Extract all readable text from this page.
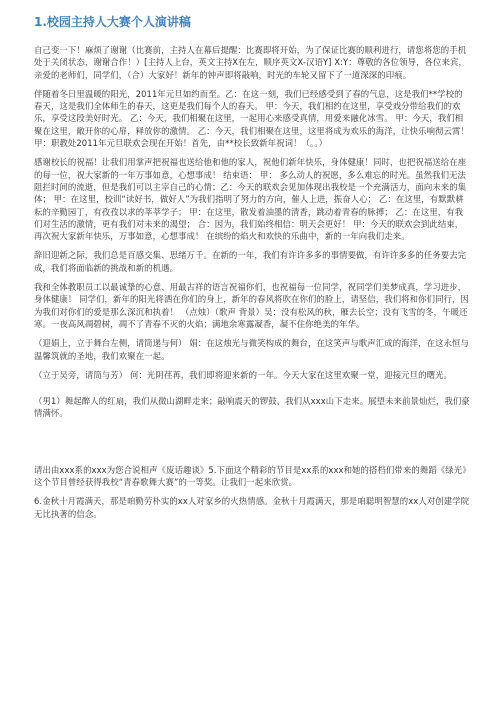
1.校园主持人大赛个人演讲稿

自己变一下！麻烦了谢谢（比赛前，主持人在幕后提醒：比赛即将开始，为了保证比赛的顺利进行，请您将您的手机处于关闭状态，谢谢合作！）[主持人上台，英文主持X在左，顺序英文X-汉语Y] X:Y：尊敬的各位领导，各位来宾，亲爱的老师们，同学们，（合）大家好！新年的钟声即将敲响，时光的车轮又留下了一道深深的印痕。

伴随着冬日里温暖的阳光，2011年元旦如约而至。乙：在这一刻，我们已经感受到了春的气息，这是我们**学校的春天，这是我们全体师生的春天，这更是我们每个人的春天。 甲：今天，我们相约在这里，享受戏分带给我们的欢乐，享受这段美好时光。 乙：今天，我们相聚在这里，一起用心来感受真情，用爱来融化冰雪。 甲：今天，我们相聚在这里，敞开你的心扉，释放你的激情。 乙：今天，我们相聚在这里，这里将成为欢乐的海洋，让快乐响彻云霄！ 甲：职教处2011年元旦联欢会现在开始！首先，由**校长致新年祝词！（。。）

感谢校长的祝福！让我们用掌声把祝福也送给他和他的家人，祝他们新年快乐，身体健康！同时，也把祝福送给在座的每一位，祝大家新的一年万事如意，心想事成！ 结束语： 甲： 多么动人的祝愿，多么难忘的时光。虽然我们无法阻拦时间的流逝，但是我们可以主宰自己的心情；乙：今天的联欢会见加体现出我校是一个充满活力，面向未来的集体； 甲：在这里，校训“读好书，做好人”为我们指明了努力的方向，催人上进，振奋人心； 乙：在这里，有默默耕耘的辛勤园丁，有孜孜以求的莘莘学子； 甲：在这里，散发着油墨的清香，跳动着青春的脉搏； 乙：在这里，有我们对生活的激情，更有我们对未来的渴望； 合：因为，我们始终相信：明天会更好！ 甲：今天的联欢会到此结束，再次祝大家新年快乐，万事如意，心想事成！ 在缤纷的焰火和欢快的乐曲中，新的一年向我们走来。

辞旧迎新之际，我们总是百感交集、思绪万千。在新的一年，我们有许许多多的事情要做，有许许多多的任务要去完成，我们将面临新的挑战和新的机遇。

我和全体教职员工以最诚挚的心意、用最古祥的语言祝福你们，也祝福每一位同学，祝同学们美梦成真，学习进步，身体健康！ 同学们，新年的阳光将洒在你们的身上，新年的春风将吹在你们的脸上，请坚信，我们将和你们同行，因为我们对你们的爱是那么深沉和执着！ （点烛）（歌声 背景）吴：没有松风的秋，雁去长空；没有飞雪的冬，午暖还寒。一夜高风凋碧树，凋不了青春不灭的火焰；满地余寒露凝香，凝不住你绝美的年华。

（迎娟上，立于舞台左侧，请筒递与何） 娟：在这烛光与微笑构成的舞台，在这笑声与歌声汇成的海洋，在这永恒与温馨筑就的圣地，我们欢聚在一起。

（立于吴旁，请筒与芳） 何：光阴荏苒，我们即将迎来新的一年。今天大家在这里欢聚一堂，迎接元旦的曙光。

（男1）舞起醉人的红扇，我们从微山湖畔走来；敲响震天的锣鼓，我们从xxx山下走来。展望未来前景灿烂，我们豪情满怀。

请出由xxx系的xxx为您合说相声《废话趣谈》5.下面这个精彩的节目是xx系的xxx和她的搭档们带来的舞蹈《绿光》这个节目曾经获得我校“青春歌舞大赛”的一等奖。让我们一起来欣赏。

6.金秋十月霞满天，那是咱勤劳朴实的xx人对家乡的火热情感。金秋十月霞满天，那是咱聪明智慧的xx人对创建学院无比执著的信念。
